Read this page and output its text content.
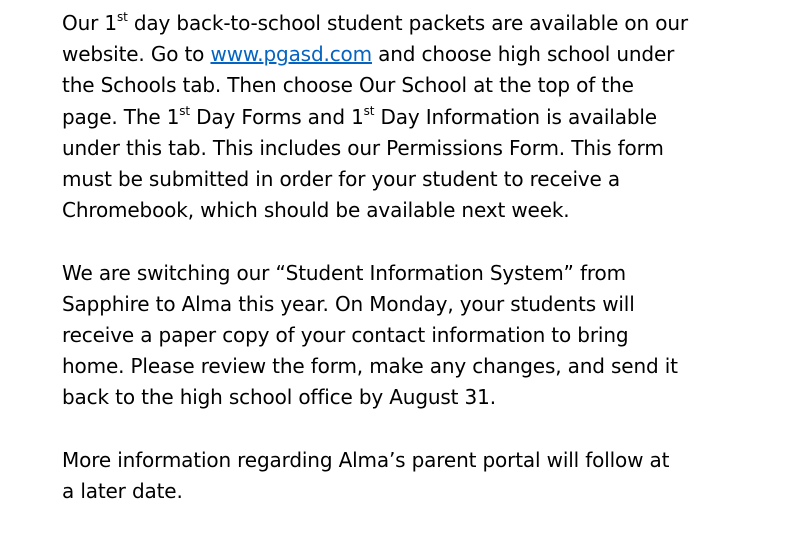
Our 1st day back-to-school student packets are available on our
website. Go to www.pgasd.com and choose high school under
the Schools tab. Then choose Our School at the top of the
page. The 1st Day Forms and 1st Day Information is available
under this tab. This includes our Permissions Form. This form
must be submitted in order for your student to receive a
Chromebook, which should be available next week.

We are switching our “Student Information System” from
Sapphire to Alma this year. On Monday, your students will
receive a paper copy of your contact information to bring
home. Please review the form, make any changes, and send it
back to the high school office by August 31.

More information regarding Alma’s parent portal will follow at
a later date.
